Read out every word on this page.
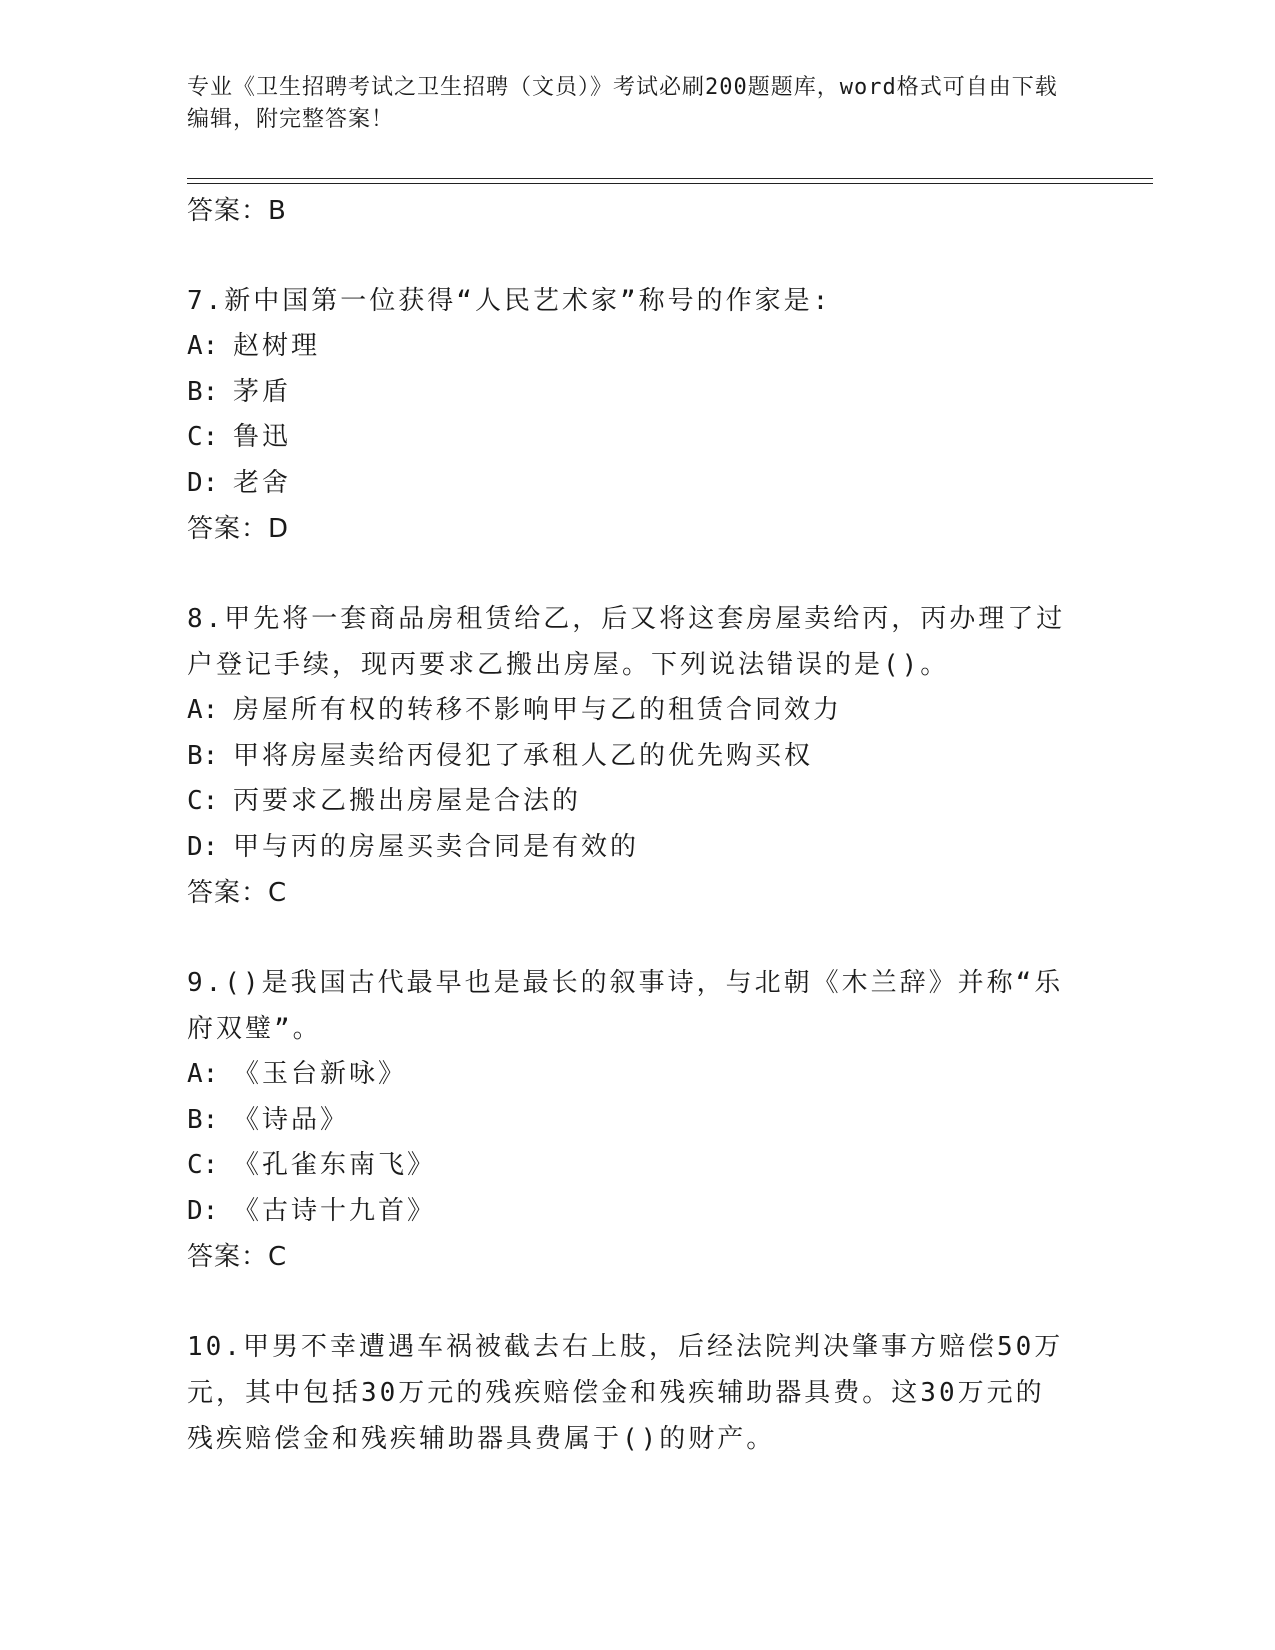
专业《卫生招聘考试之卫生招聘（文员）》考试必刷200题题库，word格式可自由下载编辑，附完整答案！

答案：B

7.新中国第一位获得“人民艺术家”称号的作家是:

A: 赵树理
B: 茅盾
C: 鲁迅
D: 老舍

答案：D

8.甲先将一套商品房租赁给乙，后又将这套房屋卖给丙，丙办理了过户登记手续，现丙要求乙搬出房屋。下列说法错误的是()。

A: 房屋所有权的转移不影响甲与乙的租赁合同效力
B: 甲将房屋卖给丙侵犯了承租人乙的优先购买权
C: 丙要求乙搬出房屋是合法的
D: 甲与丙的房屋买卖合同是有效的

答案：C

9.()是我国古代最早也是最长的叙事诗，与北朝《木兰辞》并称“乐府双璧”。

A: 《玉台新咏》
B: 《诗品》
C: 《孔雀东南飞》
D: 《古诗十九首》

答案：C

10.甲男不幸遭遇车祸被截去右上肢，后经法院判决肇事方赔偿50万元，其中包括30万元的残疾赔偿金和残疾辅助器具费。这30万元的残疾赔偿金和残疾辅助器具费属于()的财产。
